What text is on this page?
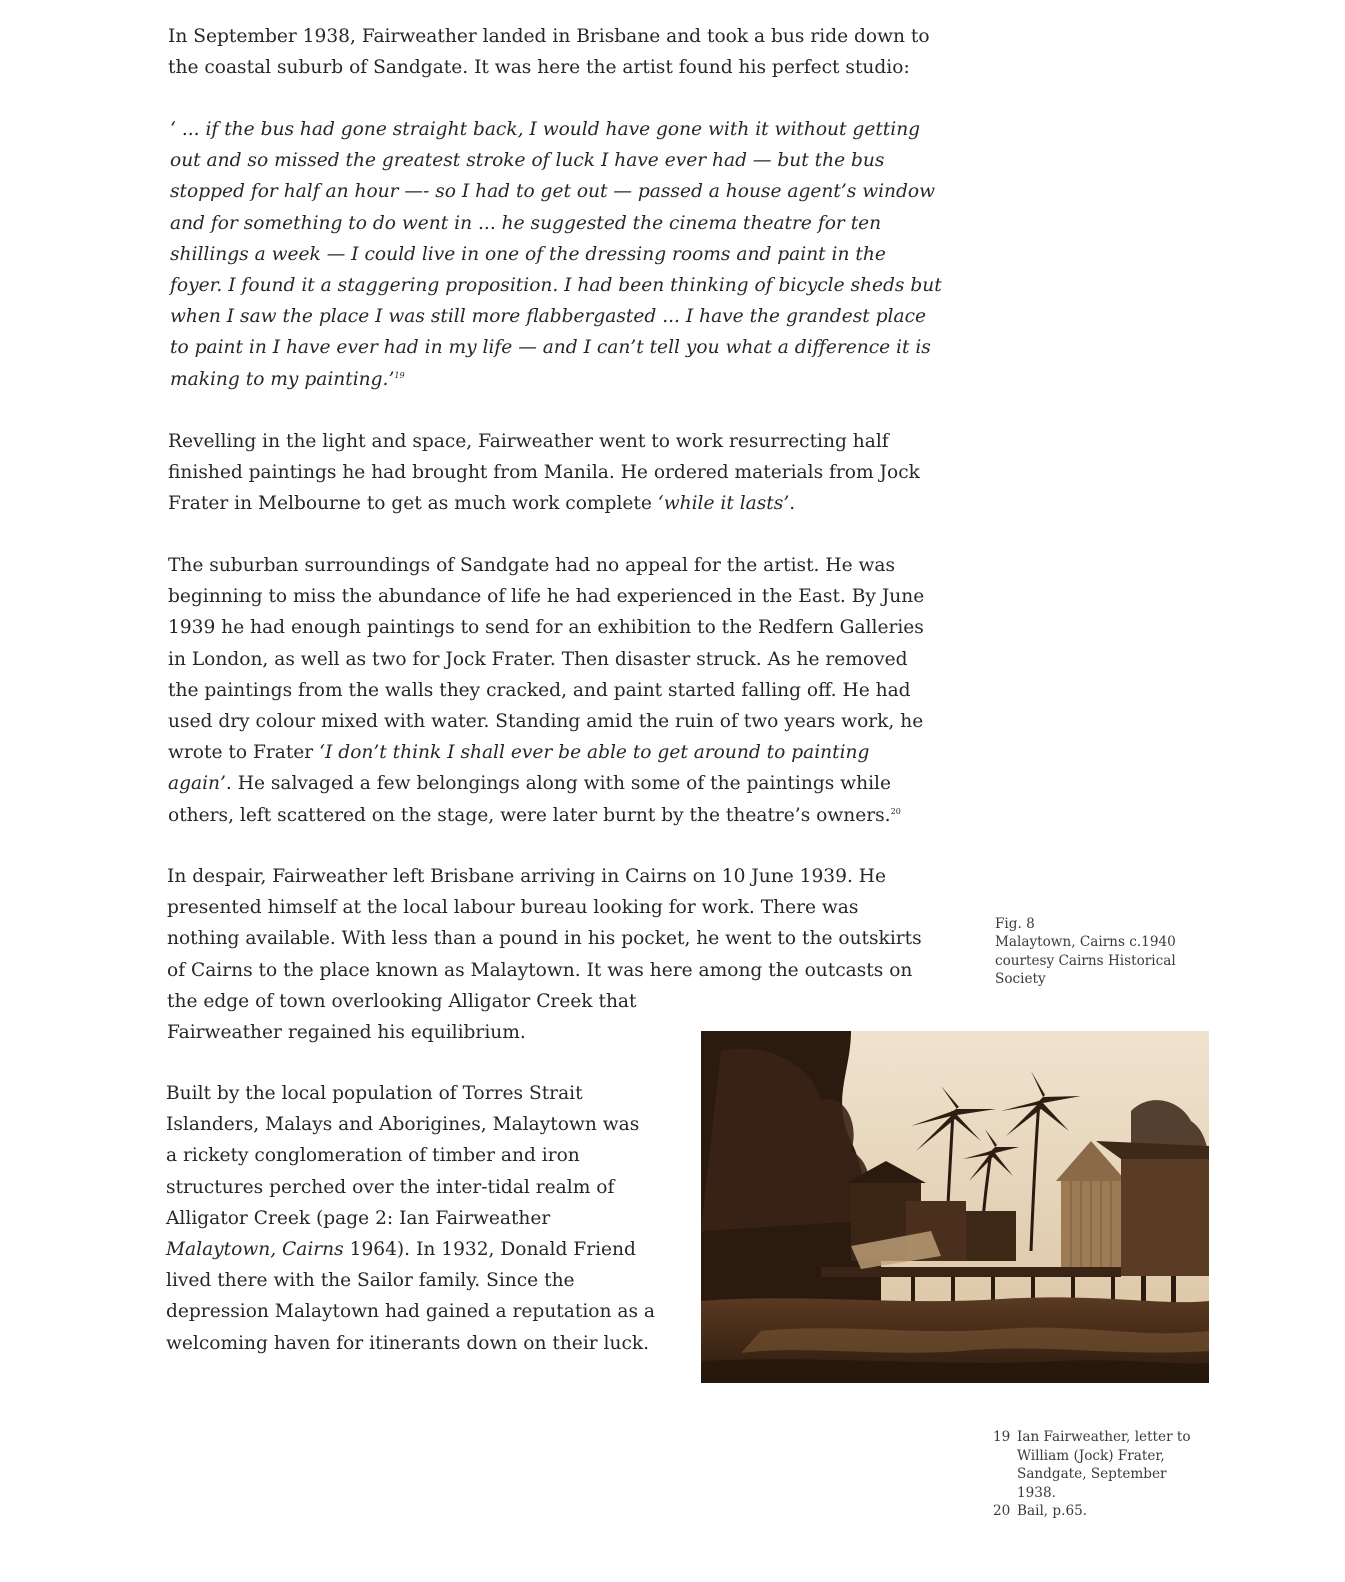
In September 1938, Fairweather landed in Brisbane and took a bus ride down to
the coastal suburb of Sandgate. It was here the artist found his perfect studio:

‘ ... if the bus had gone straight back, I would have gone with it without getting
out and so missed the greatest stroke of luck I have ever had — but the bus
stopped for half an hour —- so I had to get out — passed a house agent’s window
and for something to do went in ... he suggested the cinema theatre for ten
shillings a week — I could live in one of the dressing rooms and paint in the
foyer. I found it a staggering proposition. I had been thinking of bicycle sheds but
when I saw the place I was still more flabbergasted ... I have the grandest place
to paint in I have ever had in my life — and I can’t tell you what a difference it is
making to my painting.’$^{19}$

Revelling in the light and space, Fairweather went to work resurrecting half
finished paintings he had brought from Manila. He ordered materials from Jock
Frater in Melbourne to get as much work complete ‘while it lasts’.

The suburban surroundings of Sandgate had no appeal for the artist. He was
beginning to miss the abundance of life he had experienced in the East. By June
1939 he had enough paintings to send for an exhibition to the Redfern Galleries
in London, as well as two for Jock Frater. Then disaster struck. As he removed
the paintings from the walls they cracked, and paint started falling off. He had
used dry colour mixed with water. Standing amid the ruin of two years work, he
wrote to Frater ‘I don’t think I shall ever be able to get around to painting
again’. He salvaged a few belongings along with some of the paintings while
others, left scattered on the stage, were later burnt by the theatre’s owners.$^{20}$

In despair, Fairweather left Brisbane arriving in Cairns on 10 June 1939. He
presented himself at the local labour bureau looking for work. There was
nothing available. With less than a pound in his pocket, he went to the outskirts
of Cairns to the place known as Malaytown. It was here among the outcasts on
the edge of town overlooking Alligator Creek that
Fairweather regained his equilibrium.

Built by the local population of Torres Strait
Islanders, Malays and Aborigines, Malaytown was
a rickety conglomeration of timber and iron
structures perched over the inter-tidal realm of
Alligator Creek (page 2: Ian Fairweather
Malaytown, Cairns 1964). In 1932, Donald Friend
lived there with the Sailor family. Since the
depression Malaytown had gained a reputation as a
welcoming haven for itinerants down on their luck.

Fig. 8
Malaytown, Cairns c.1940
courtesy Cairns Historical
Society
19 Ian Fairweather, letter to
William (Jock) Frater,
Sandgate, September
1938.
20 Bail, p.65.
